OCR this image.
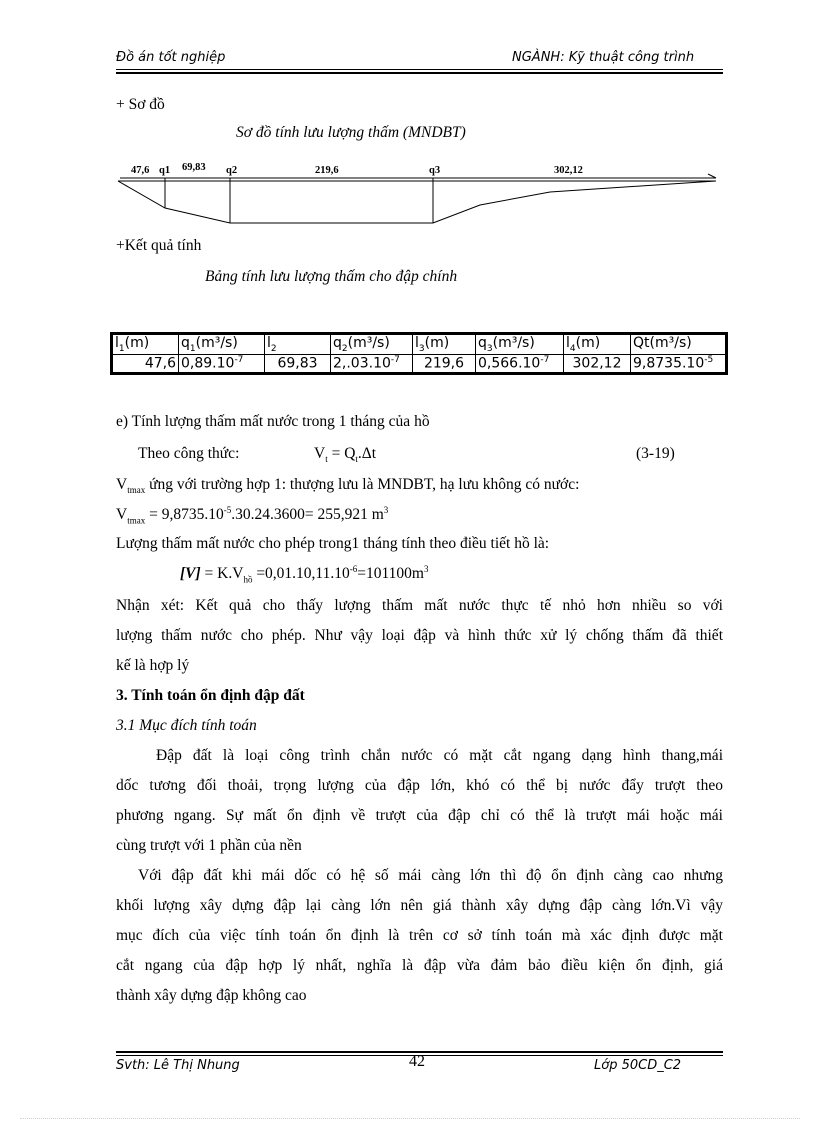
Đồ án tốt nghiệp	NGÀNH: Kỹ thuật công trình
+ Sơ đồ
Sơ đồ tính lưu lượng thấm (MNDBT)
47,6 q1 69,83 q2	219,6	q3	302,12
+Kết quả tính
Bảng tính lưu lượng thấm cho đập chính
$l_1(m)$	$q_1(m^3/s)$	$l_2$	$q_2(m^3/s)$	$l_3(m)$	$q_3(m^3/s)$	$l_4(m)$	Qt(m³/s)
47,6	$0,89.10^{-7}$	69,83	$2,.03.10^{-7}$	219,6	$0,566.10^{-7}$	302,12	$9,8735.10^{-5}$
e) Tính lượng thấm mất nước trong 1 tháng của hồ
Theo công thức:	$V_t = Q_t.\Delta t$	(3-19)
$V_{tmax}$ ứng với trường hợp 1: thượng lưu là MNDBT, hạ lưu không có nước:
$V_{tmax} = 9,8735.10^{-5}.30.24.3600= 255,921$ $m^3$
Lượng thấm mất nước cho phép trong1 tháng tính theo điều tiết hồ là:
$[V] = K.V_{hồ} =0,01.10,11.10^{-6}=101100m^3$
Nhận xét: Kết quả cho thấy lượng thấm mất nước thực tế nhỏ hơn nhiều so với
lượng thấm nước cho phép. Như vậy loại đập và hình thức xử lý chống thấm đã thiết
kế là hợp lý
3. Tính toán ổn định đập đất
3.1 Mục đích tính toán
Đập đất là loại công trình chắn nước có mặt cắt ngang dạng hình thang,mái
dốc tương đối thoải, trọng lượng của đập lớn, khó có thể bị nước đẩy trượt theo
phương ngang. Sự mất ổn định về trượt của đập chỉ có thể là trượt mái hoặc mái
cùng trượt với 1 phần của nền
Với đập đất khi mái dốc có hệ số mái càng lớn thì độ ổn định càng cao nhưng
khối lượng xây dựng đập lại càng lớn nên giá thành xây dựng đập càng lớn.Vì vậy
mục đích của việc tính toán ổn định là trên cơ sở tính toán mà xác định được mặt
cắt ngang của đập hợp lý nhất, nghĩa là đập vừa đảm bảo điều kiện ổn định, giá
thành xây dựng đập không cao
Svth: Lê Thị Nhung	42	Lớp 50CD_C2
